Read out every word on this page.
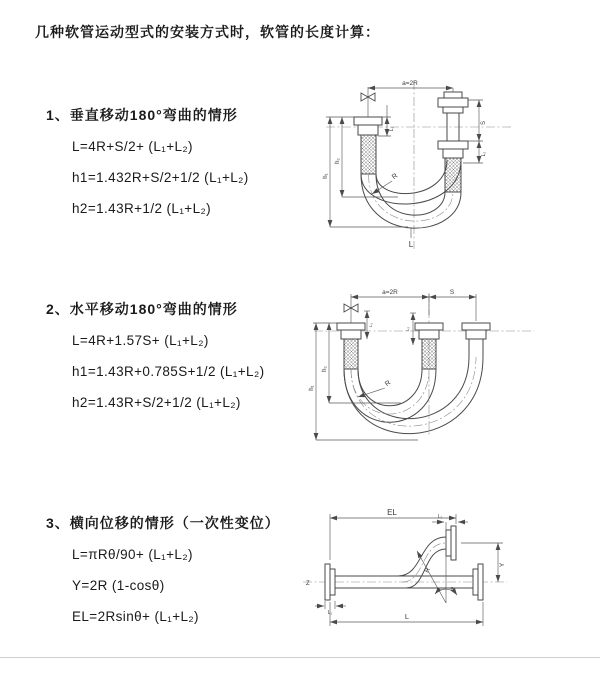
几种软管运动型式的安装方式时，软管的长度计算：
1、垂直移动180°弯曲的情形
L=4R+S/2+ (L₁+L₂)
h1=1.432R+S/2+1/2 (L₁+L₂)
h2=1.43R+1/2 (L₁+L₂)
2、水平移动180°弯曲的情形
L=4R+1.57S+ (L₁+L₂)
h1=1.43R+0.785S+1/2 (L₁+L₂)
h2=1.43R+S/2+1/2 (L₁+L₂)
3、横向位移的情形（一次性变位）
L=πRθ/90+ (L₁+L₂)
Y=2R (1-cosθ)
EL=2Rsinθ+ (L₁+L₂)
a=2R
L₁
S
L₂
h₁
h₂
R
L
a=2R	S
L₁
L₂
h₁
h₂
R
Z
EL	L₂
Y
L
L₁
R
θ
